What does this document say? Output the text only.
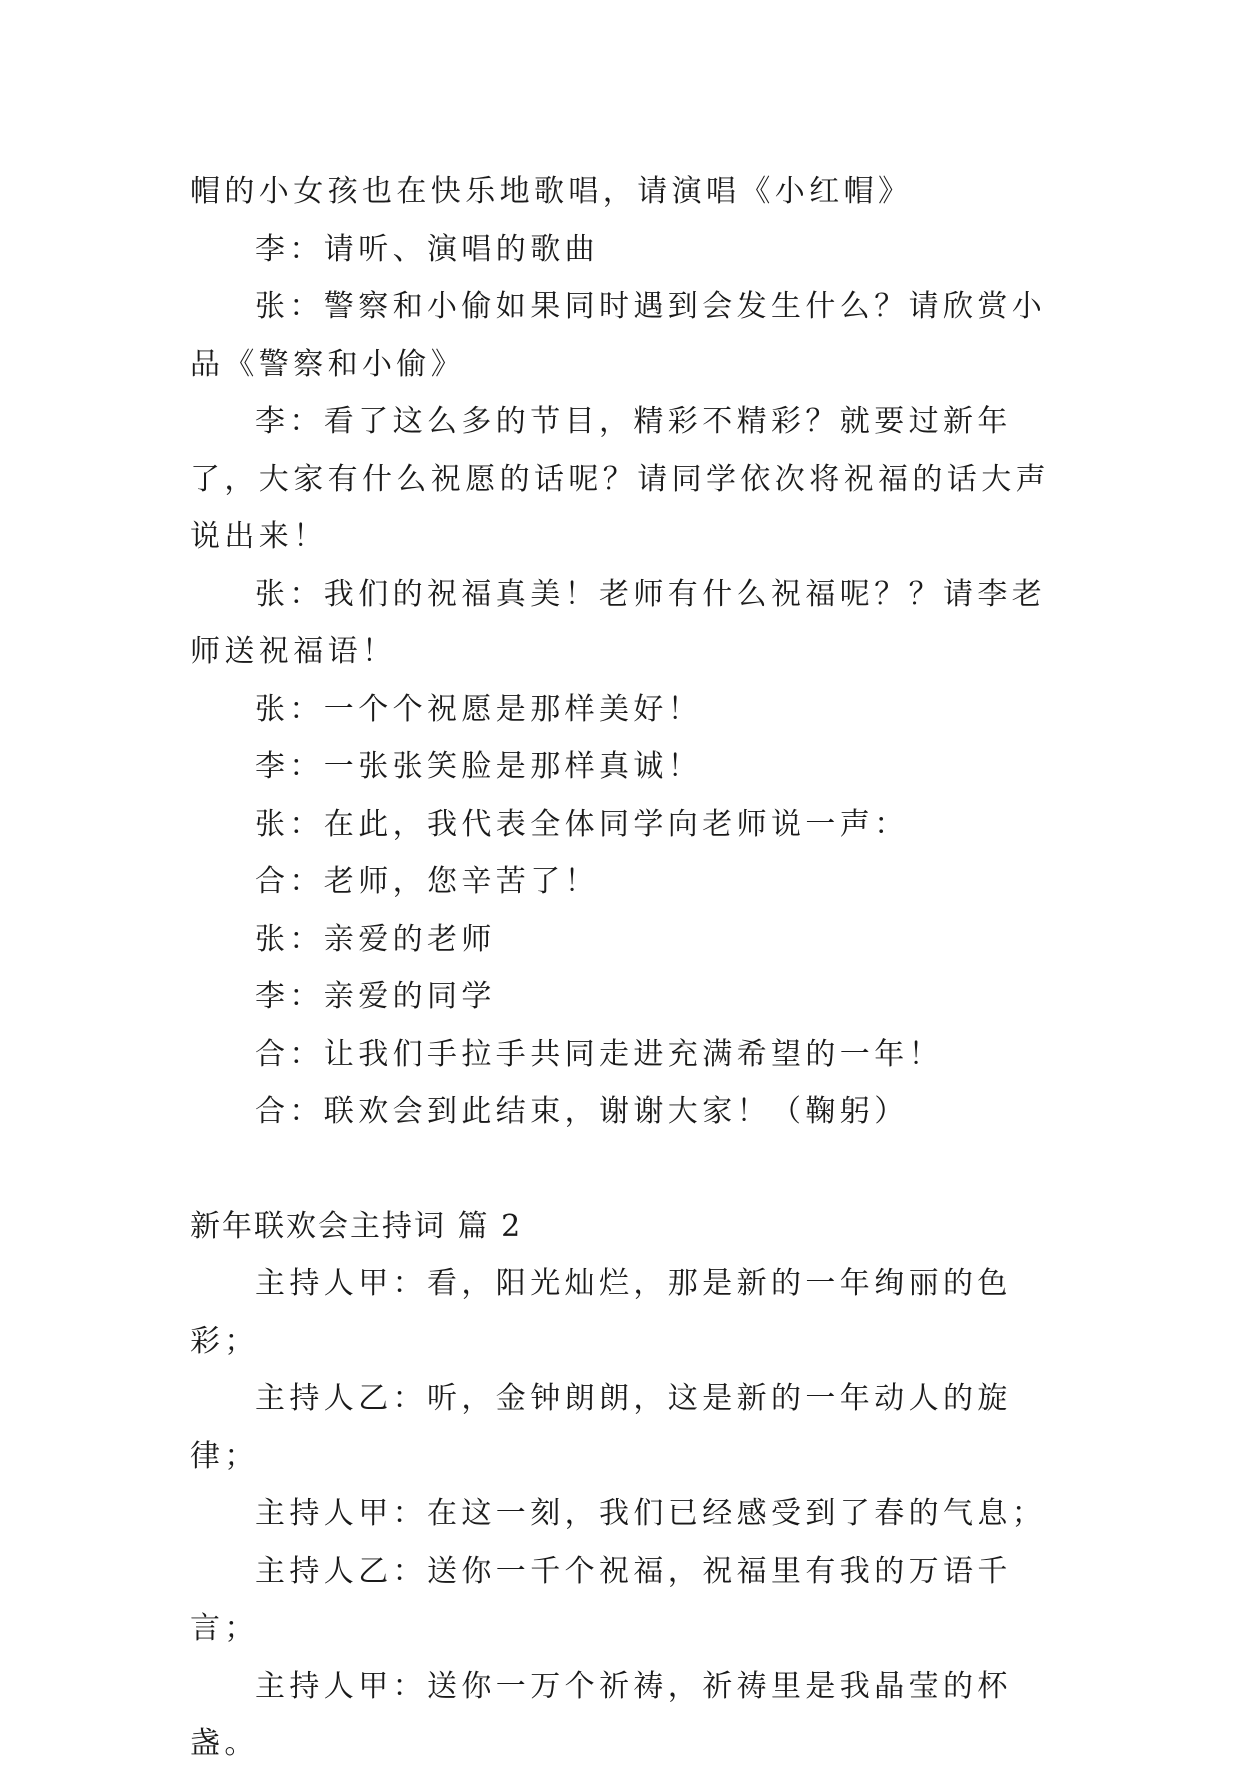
帽的小女孩也在快乐地歌唱，请演唱《小红帽》

李：请听、演唱的歌曲

张：警察和小偷如果同时遇到会发生什么？请欣赏小品《警察和小偷》

李：看了这么多的节目，精彩不精彩？就要过新年了，大家有什么祝愿的话呢？请同学依次将祝福的话大声说出来！

张：我们的祝福真美！老师有什么祝福呢？？请李老师送祝福语！

张：一个个祝愿是那样美好！

李：一张张笑脸是那样真诚！

张：在此，我代表全体同学向老师说一声：

合：老师，您辛苦了！

张：亲爱的老师

李：亲爱的同学

合：让我们手拉手共同走进充满希望的一年！

合：联欢会到此结束，谢谢大家！（鞠躬）

新年联欢会主持词 篇 2

主持人甲：看，阳光灿烂，那是新的一年绚丽的色彩；

主持人乙：听，金钟朗朗，这是新的一年动人的旋律；

主持人甲：在这一刻，我们已经感受到了春的气息；

主持人乙：送你一千个祝福，祝福里有我的万语千言；

主持人甲：送你一万个祈祷，祈祷里是我晶莹的杯盏。
